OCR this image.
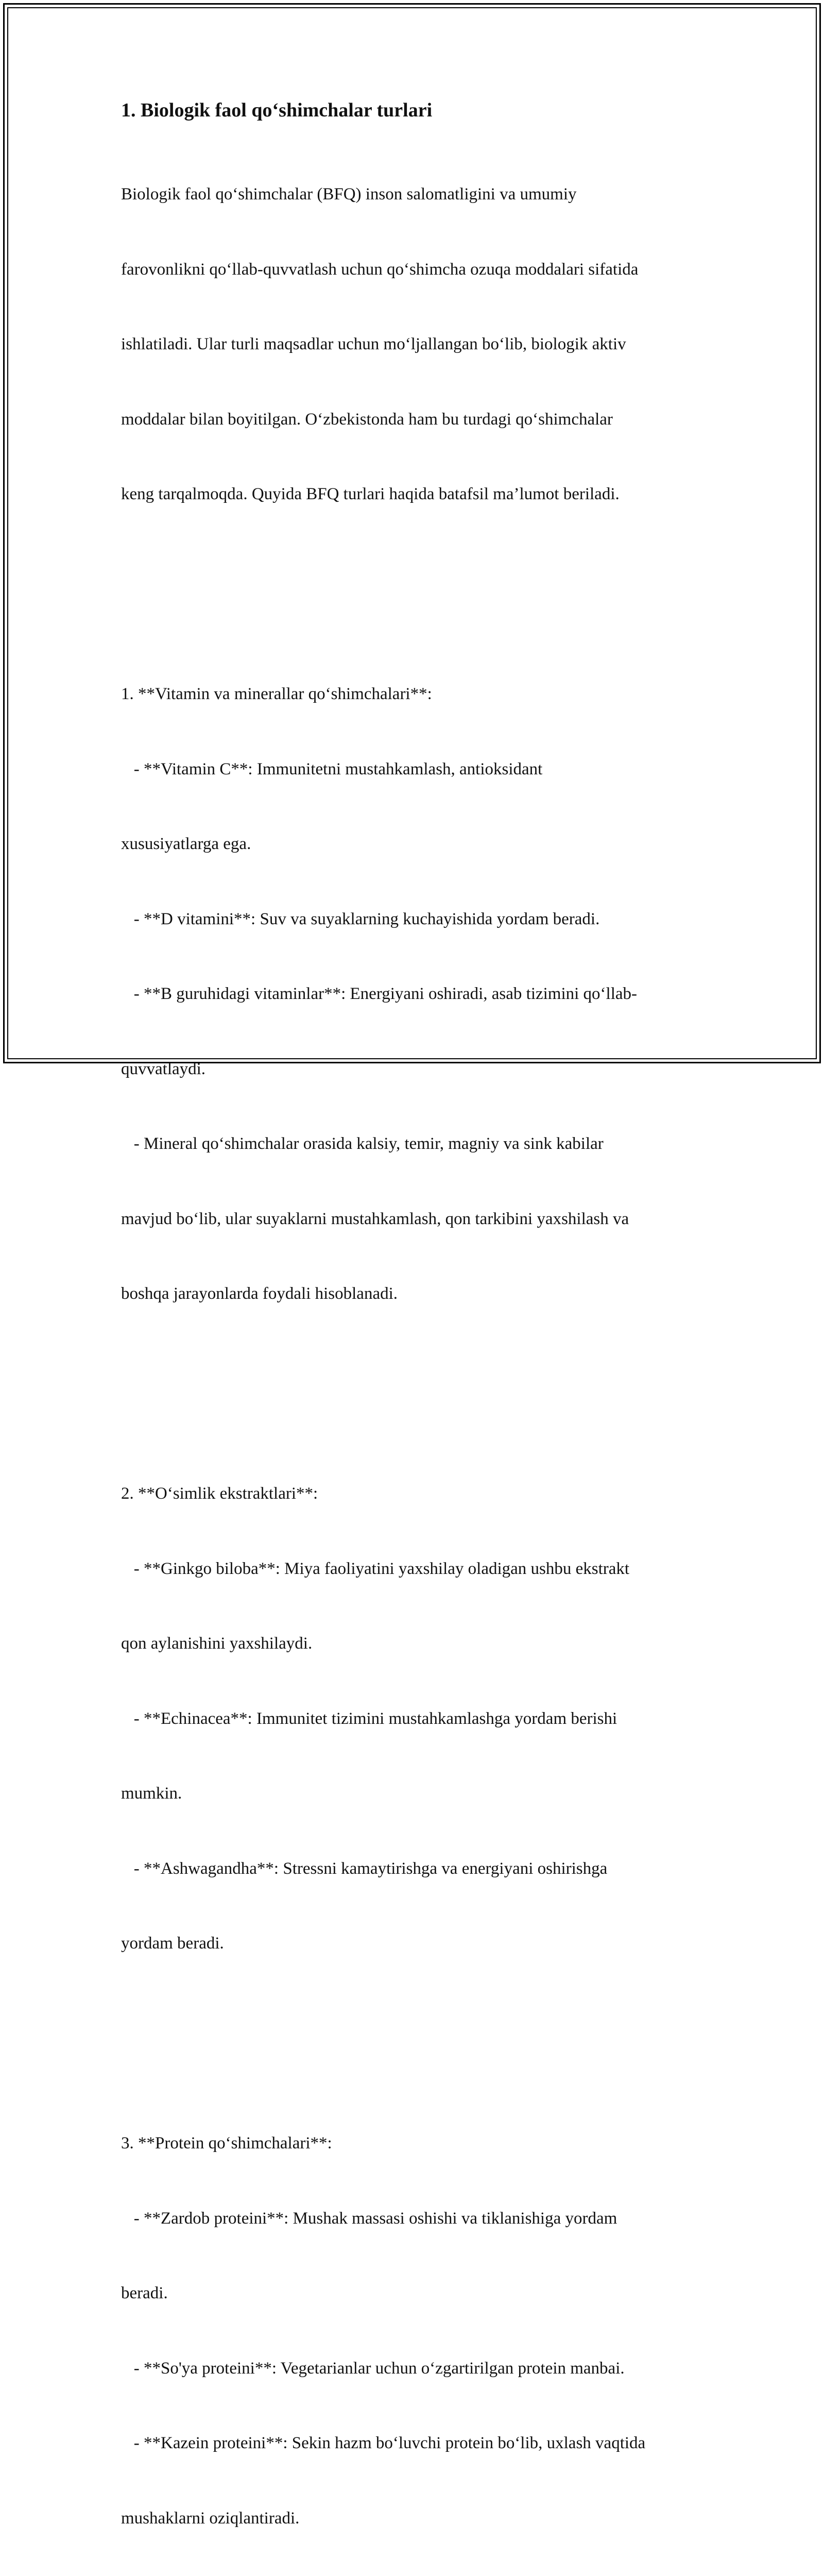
1. Biologik faol qo‘shimchalar turlari

Biologik faol qo‘shimchalar (BFQ) inson salomatligini va umumiy

farovonlikni qo‘llab-quvvatlash uchun qo‘shimcha ozuqa moddalari sifatida

ishlatiladi. Ular turli maqsadlar uchun mo‘ljallangan bo‘lib, biologik aktiv

moddalar bilan boyitilgan. O‘zbekistonda ham bu turdagi qo‘shimchalar

keng tarqalmoqda. Quyida BFQ turlari haqida batafsil ma’lumot beriladi.

1. **Vitamin va minerallar qo‘shimchalari**:

- **Vitamin C**: Immunitetni mustahkamlash, antioksidant

xususiyatlarga ega.

- **D vitamini**: Suv va suyaklarning kuchayishida yordam beradi.

- **B guruhidagi vitaminlar**: Energiyani oshiradi, asab tizimini qo‘llab-

quvvatlaydi.

- Mineral qo‘shimchalar orasida kalsiy, temir, magniy va sink kabilar

mavjud bo‘lib, ular suyaklarni mustahkamlash, qon tarkibini yaxshilash va

boshqa jarayonlarda foydali hisoblanadi.

2. **O‘simlik ekstraktlari**:

- **Ginkgo biloba**: Miya faoliyatini yaxshilay oladigan ushbu ekstrakt

qon aylanishini yaxshilaydi.

- **Echinacea**: Immunitet tizimini mustahkamlashga yordam berishi

mumkin.

- **Ashwagandha**: Stressni kamaytirishga va energiyani oshirishga

yordam beradi.

3. **Protein qo‘shimchalari**:

- **Zardob proteini**: Mushak massasi oshishi va tiklanishiga yordam

beradi.

- **So'ya proteini**: Vegetarianlar uchun o‘zgartirilgan protein manbai.

- **Kazein proteini**: Sekin hazm bo‘luvchi protein bo‘lib, uxlash vaqtida

mushaklarni oziqlantiradi.
